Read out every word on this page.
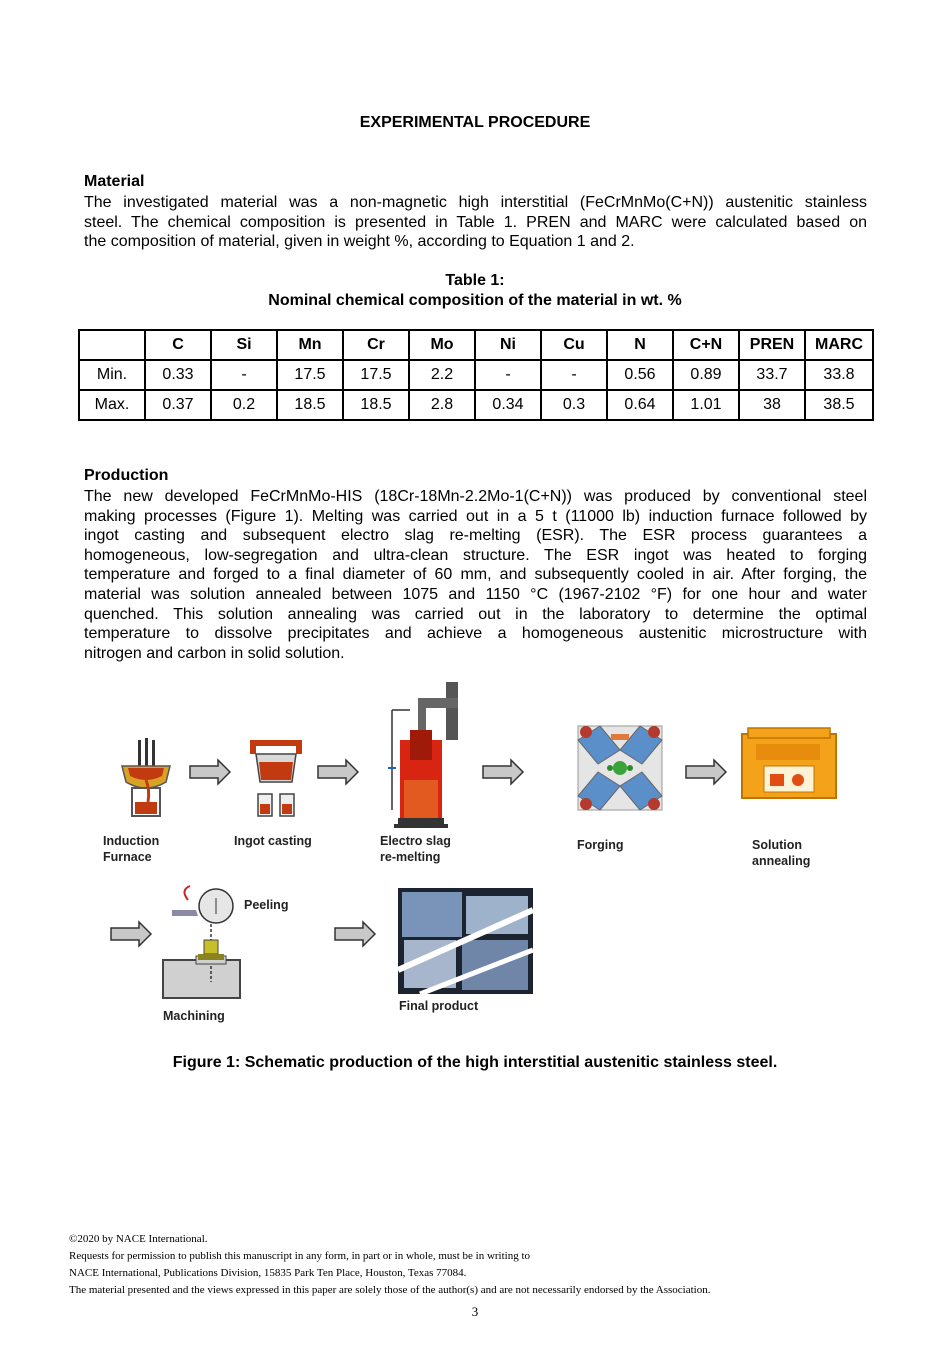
EXPERIMENTAL PROCEDURE
Material
The investigated material was a non-magnetic high interstitial (FeCrMnMo(C+N)) austenitic stainless
steel. The chemical composition is presented in Table 1. PREN and MARC were calculated based on
the composition of material, given in weight %, according to Equation 1 and 2.
Table 1:
Nominal chemical composition of the material in wt. %
	C	Si	Mn	Cr	Mo	Ni	Cu	N	C+N	PREN	MARC
Min.	0.33	-	17.5	17.5	2.2	-	-	0.56	0.89	33.7	33.8
Max.	0.37	0.2	18.5	18.5	2.8	0.34	0.3	0.64	1.01	38	38.5
Production
The new developed FeCrMnMo-HIS (18Cr-18Mn-2.2Mo-1(C+N)) was produced by conventional steel
making processes (Figure 1). Melting was carried out in a 5 t (11000 lb) induction furnace followed by
ingot casting and subsequent electro slag re-melting (ESR). The ESR process guarantees a
homogeneous, low-segregation and ultra-clean structure. The ESR ingot was heated to forging
temperature and forged to a final diameter of 60 mm, and subsequently cooled in air. After forging, the
material was solution annealed between 1075 and 1150 °C (1967-2102 °F) for one hour and water
quenched. This solution annealing was carried out in the laboratory to determine the optimal
temperature to dissolve precipitates and achieve a homogeneous austenitic microstructure with
nitrogen and carbon in solid solution.
Induction
Furnace
Ingot casting	Electro slag
re-melting
Forging	Solution
annealing
Peeling
Machining
Final product
Figure 1: Schematic production of the high interstitial austenitic stainless steel.
©2020 by NACE International.
Requests for permission to publish this manuscript in any form, in part or in whole, must be in writing to
NACE International, Publications Division, 15835 Park Ten Place, Houston, Texas 77084.
The material presented and the views expressed in this paper are solely those of the author(s) and are not necessarily endorsed by the Association.
3
